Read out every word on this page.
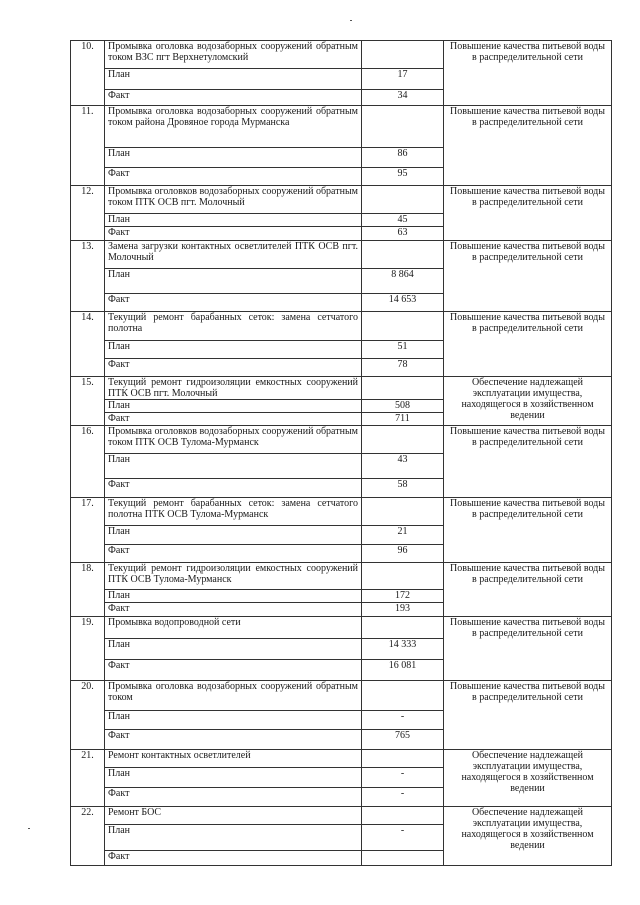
10.	Промывка оголовка водозаборных сооружений обратным током ВЗС пгт Верхнетуломский		Повышение качества питьевой воды в распределительной сети
	План	17	
	Факт	34	
11.	Промывка оголовка водозаборных сооружений обратным током района Дровяное города Мурманска		Повышение качества питьевой воды в распределительной сети
	План	86	
	Факт	95	
12.	Промывка оголовков водозаборных сооружений обратным током ПТК ОСВ пгт. Молочный		Повышение качества питьевой воды в распределительной сети
	План	45	
	Факт	63	
13.	Замена загрузки контактных осветлителей ПТК ОСВ пгт. Молочный		Повышение качества питьевой воды в распределительной сети
	План	8 864	
	Факт	14 653	
14.	Текущий ремонт барабанных сеток: замена сетчатого полотна		Повышение качества питьевой воды в распределительной сети
	План	51	
	Факт	78	
15.	Текущий ремонт гидроизоляции емкостных сооружений ПТК ОСВ пгт. Молочный		Обеспечение надлежащей эксплуатации имущества, находящегося в хозяйственном ведении
	План	508	
	Факт	711	
16.	Промывка оголовков водозаборных сооружений обратным током ПТК ОСВ Тулома-Мурманск		Повышение качества питьевой воды в распределительной сети
	План	43	
	Факт	58	
17.	Текущий ремонт барабанных сеток: замена сетчатого полотна ПТК ОСВ Тулома-Мурманск		Повышение качества питьевой воды в распределительной сети
	План	21	
	Факт	96	
18.	Текущий ремонт гидроизоляции емкостных сооружений ПТК ОСВ Тулома-Мурманск		Повышение качества питьевой воды в распределительной сети
	План	172	
	Факт	193	
19.	Промывка водопроводной сети		Повышение качества питьевой воды в распределительной сети
	План	14 333	
	Факт	16 081	
20.	Промывка оголовка водозаборных сооружений обратным током		Повышение качества питьевой воды в распределительной сети
	План	-	
	Факт	765	
21.	Ремонт контактных осветлителей		Обеспечение надлежащей эксплуатации имущества, находящегося в хозяйственном ведении
	План	-	
	Факт	-	
22.	Ремонт БОС		Обеспечение надлежащей эксплуатации имущества, находящегося в хозяйственном ведении
	План	-	
	Факт		
